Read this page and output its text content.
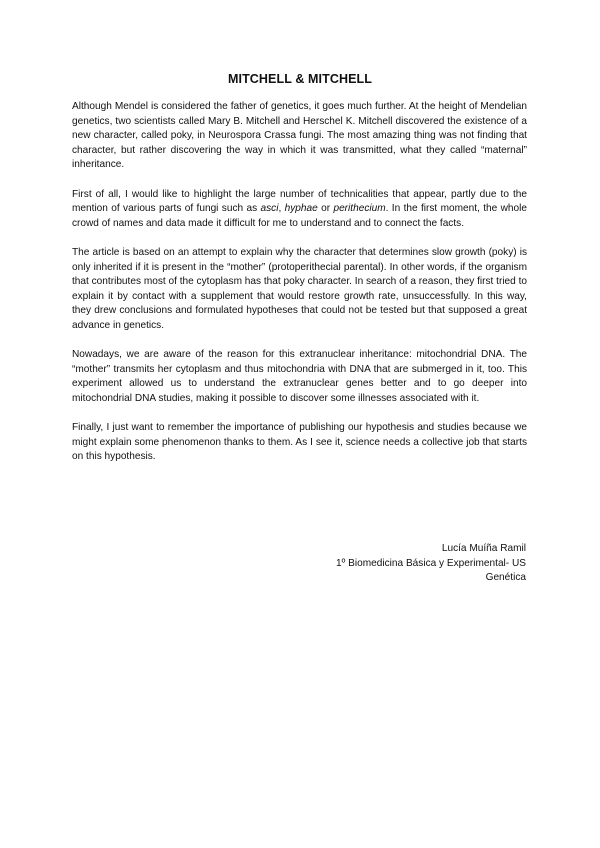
MITCHELL & MITCHELL

Although Mendel is considered the father of genetics, it goes much further. At the height of Mendelian genetics, two scientists called Mary B. Mitchell and Herschel K. Mitchell discovered the existence of a new character, called poky, in Neurospora Crassa fungi. The most amazing thing was not finding that character, but rather discovering the way in which it was transmitted, what they called “maternal” inheritance.

First of all, I would like to highlight the large number of technicalities that appear, partly due to the mention of various parts of fungi such as asci, hyphae or perithecium. In the first moment, the whole crowd of names and data made it difficult for me to understand and to connect the facts.

The article is based on an attempt to explain why the character that determines slow growth (poky) is only inherited if it is present in the “mother” (protoperithecial parental). In other words, if the organism that contributes most of the cytoplasm has that poky character. In search of a reason, they first tried to explain it by contact with a supplement that would restore growth rate, unsuccessfully. In this way, they drew conclusions and formulated hypotheses that could not be tested but that supposed a great advance in genetics.

Nowadays, we are aware of the reason for this extranuclear inheritance: mitochondrial DNA. The “mother” transmits her cytoplasm and thus mitochondria with DNA that are submerged in it, too. This experiment allowed us to understand the extranuclear genes better and to go deeper into mitochondrial DNA studies, making it possible to discover some illnesses associated with it.

Finally, I just want to remember the importance of publishing our hypothesis and studies because we might explain some phenomenon thanks to them. As I see it, science needs a collective job that starts on this hypothesis.

Lucía Muíña Ramil
1º Biomedicina Básica y Experimental- US
Genética
